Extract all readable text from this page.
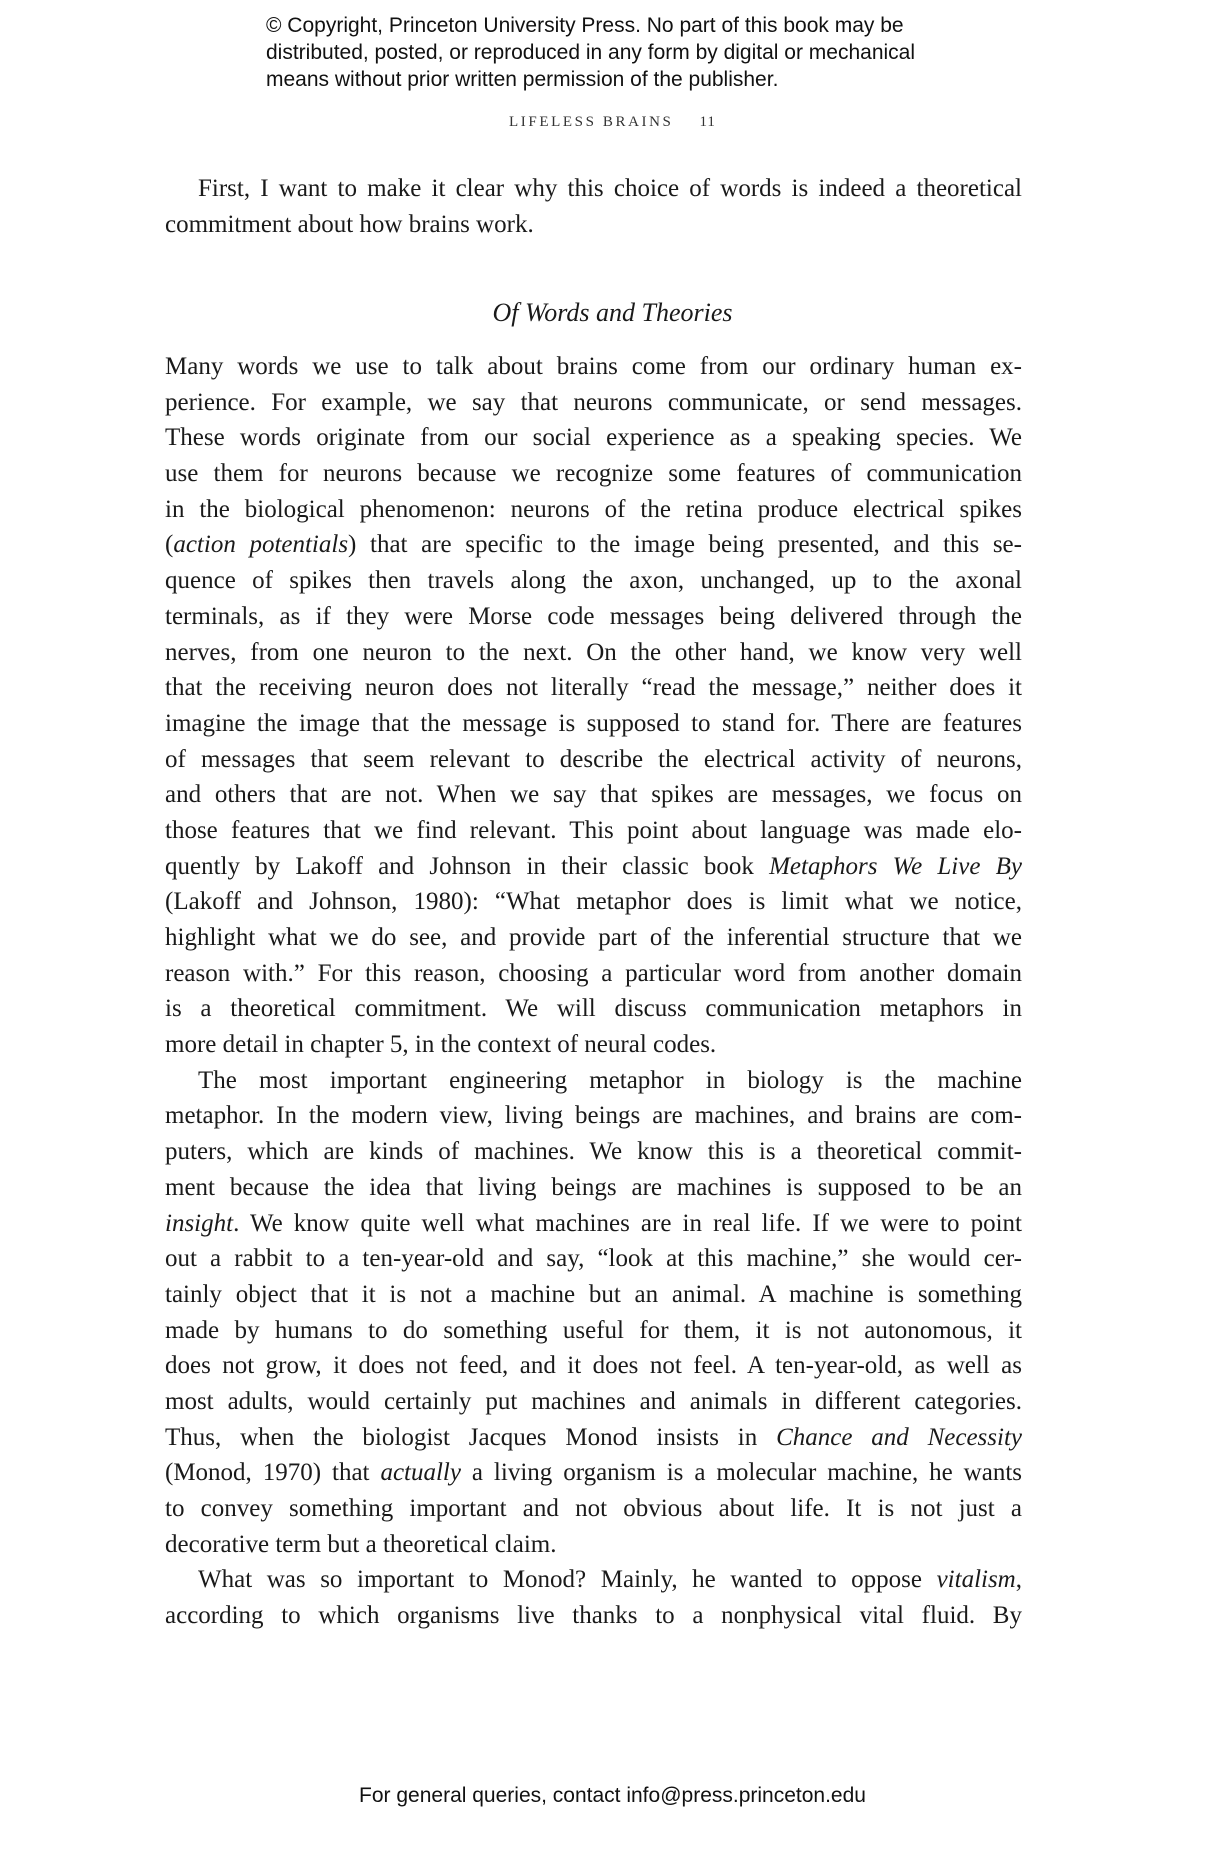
© Copyright, Princeton University Press. No part of this book may be
distributed, posted, or reproduced in any form by digital or mechanical
means without prior written permission of the publisher.
LIFELESS BRAINS 11
First, I want to make it clear why this choice of words is indeed a theoretical
commitment about how brains work.
Of Words and Theories
Many words we use to talk about brains come from our ordinary human ex-
perience. For example, we say that neurons communicate, or send messages.
These words originate from our social experience as a speaking species. We
use them for neurons because we recognize some features of communication
in the biological phenomenon: neurons of the retina produce electrical spikes
(action potentials) that are specific to the image being presented, and this se-
quence of spikes then travels along the axon, unchanged, up to the axonal
terminals, as if they were Morse code messages being delivered through the
nerves, from one neuron to the next. On the other hand, we know very well
that the receiving neuron does not literally “read the message,” neither does it
imagine the image that the message is supposed to stand for. There are features
of messages that seem relevant to describe the electrical activity of neurons,
and others that are not. When we say that spikes are messages, we focus on
those features that we find relevant. This point about language was made elo-
quently by Lakoff and Johnson in their classic book Metaphors We Live By
(Lakoff and Johnson, 1980): “What metaphor does is limit what we notice,
highlight what we do see, and provide part of the inferential structure that we
reason with.” For this reason, choosing a particular word from another domain
is a theoretical commitment. We will discuss communication metaphors in
more detail in chapter 5, in the context of neural codes.
The most important engineering metaphor in biology is the machine
metaphor. In the modern view, living beings are machines, and brains are com-
puters, which are kinds of machines. We know this is a theoretical commit-
ment because the idea that living beings are machines is supposed to be an
insight. We know quite well what machines are in real life. If we were to point
out a rabbit to a ten-year-old and say, “look at this machine,” she would cer-
tainly object that it is not a machine but an animal. A machine is something
made by humans to do something useful for them, it is not autonomous, it
does not grow, it does not feed, and it does not feel. A ten-year-old, as well as
most adults, would certainly put machines and animals in different categories.
Thus, when the biologist Jacques Monod insists in Chance and Necessity
(Monod, 1970) that actually a living organism is a molecular machine, he wants
to convey something important and not obvious about life. It is not just a
decorative term but a theoretical claim.
What was so important to Monod? Mainly, he wanted to oppose vitalism,
according to which organisms live thanks to a nonphysical vital fluid. By
For general queries, contact info@press.princeton.edu
